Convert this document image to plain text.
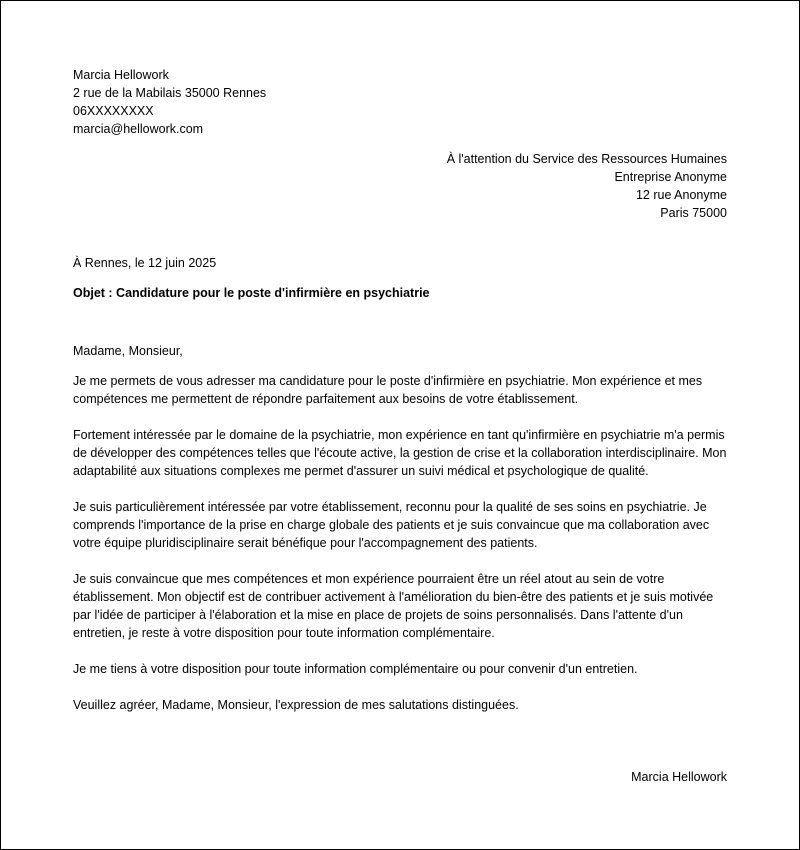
Marcia Hellowork
2 rue de la Mabilais 35000 Rennes
06XXXXXXXX
marcia@hellowork.com
À l'attention du Service des Ressources Humaines
Entreprise Anonyme
12 rue Anonyme
Paris 75000
À Rennes, le 12 juin 2025
Objet : Candidature pour le poste d'infirmière en psychiatrie
Madame, Monsieur,

Je me permets de vous adresser ma candidature pour le poste d'infirmière en psychiatrie. Mon expérience et mes compétences me permettent de répondre parfaitement aux besoins de votre établissement.

Fortement intéressée par le domaine de la psychiatrie, mon expérience en tant qu'infirmière en psychiatrie m'a permis de développer des compétences telles que l'écoute active, la gestion de crise et la collaboration interdisciplinaire. Mon adaptabilité aux situations complexes me permet d'assurer un suivi médical et psychologique de qualité.

Je suis particulièrement intéressée par votre établissement, reconnu pour la qualité de ses soins en psychiatrie. Je comprends l'importance de la prise en charge globale des patients et je suis convaincue que ma collaboration avec votre équipe pluridisciplinaire serait bénéfique pour l'accompagnement des patients.

Je suis convaincue que mes compétences et mon expérience pourraient être un réel atout au sein de votre établissement. Mon objectif est de contribuer activement à l'amélioration du bien-être des patients et je suis motivée par l'idée de participer à l'élaboration et la mise en place de projets de soins personnalisés. Dans l'attente d'un entretien, je reste à votre disposition pour toute information complémentaire.

Je me tiens à votre disposition pour toute information complémentaire ou pour convenir d'un entretien.

Veuillez agréer, Madame, Monsieur, l'expression de mes salutations distinguées.

Marcia Hellowork
